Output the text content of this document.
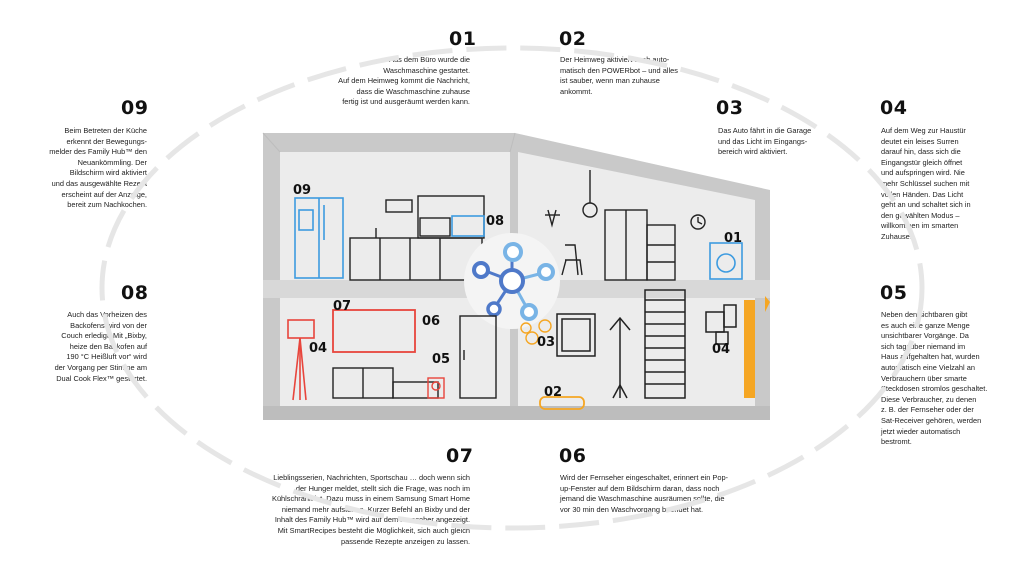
01
Aus dem Büro wurde die
Waschmaschine gestartet.
Auf dem Heimweg kommt die Nachricht,
dass die Waschmaschine zuhause
fertig ist und ausgeräumt werden kann.
02
Der Heimweg aktiviert auch auto-
matisch den POWERbot – und alles
ist sauber, wenn man zuhause
ankommt.
03
Das Auto fährt in die Garage
und das Licht im Eingangs-
bereich wird aktiviert.
04
Auf dem Weg zur Haustür
deutet ein leises Surren
darauf hin, dass sich die
Eingangstür gleich öffnet
und aufspringen wird. Nie
mehr Schlüssel suchen mit
vollen Händen. Das Licht
geht an und schaltet sich in
den gewählten Modus –
willkommen im smarten
Zuhause.
05
Neben den sichtbaren gibt
es auch eine ganze Menge
unsichtbarer Vorgänge. Da
sich tagsüber niemand im
Haus aufgehalten hat, wurden
automatisch eine Vielzahl an
Verbrauchern über smarte
Steckdosen stromlos geschaltet.
Diese Verbraucher, zu denen
z. B. der Fernseher oder der
Sat-Receiver gehören, werden
jetzt wieder automatisch
bestromt.
06
Wird der Fernseher eingeschaltet, erinnert ein Pop-
up-Fenster auf dem Bildschirm daran, dass noch
jemand die Waschmaschine ausräumen sollte, die
vor 30 min den Waschvorgang beendet hat.
07
Lieblingsserien, Nachrichten, Sportschau … doch wenn sich
der Hunger meldet, stellt sich die Frage, was noch im
Kühlschrank ist. Dazu muss in einem Samsung Smart Home
niemand mehr aufstehen. Kurzer Befehl an Bixby und der
Inhalt des Family Hub™ wird auf dem Fernseher angezeigt.
Mit SmartRecipes besteht die Möglichkeit, sich auch gleich
passende Rezepte anzeigen zu lassen.
08
Auch das Vorheizen des
Backofens wird von der
Couch erledigt. Mit „Bixby,
heize den Backofen auf
190 °C Heißluft vor“ wird
der Vorgang per Stimme am
Dual Cook Flex™ gestartet.
09
Beim Betreten der Küche
erkennt der Bewegungs-
melder des Family Hub™ den
Neuankömmling. Der
Bildschirm wird aktiviert
und das ausgewählte Rezept
erscheint auf der Anzeige,
bereit zum Nachkochen.
09
08
01
07
06
04
05
03	04
02
